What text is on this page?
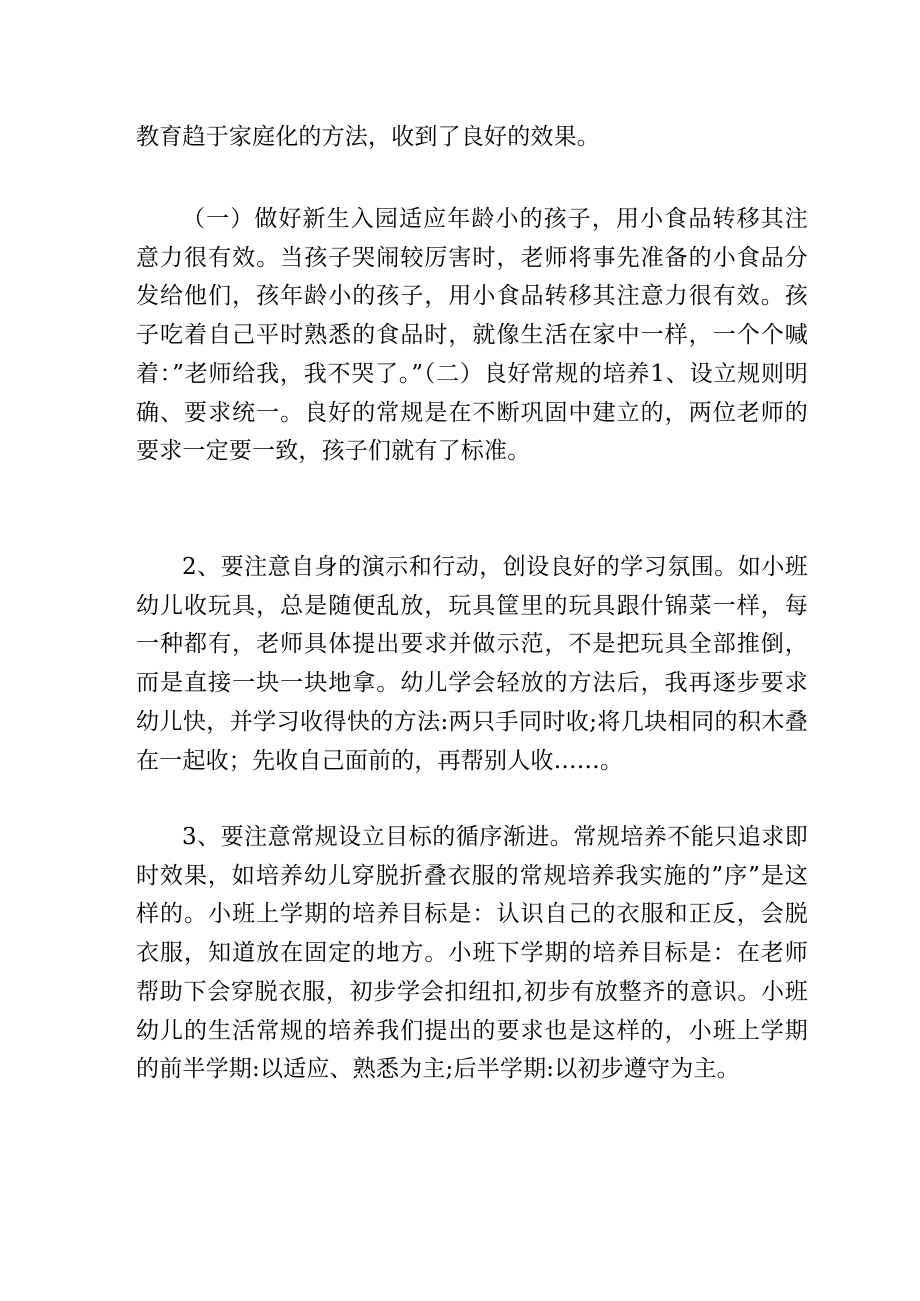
教育趋于家庭化的方法，收到了良好的效果。

（一）做好新生入园适应年龄小的孩子，用小食品转移其注意力很有效。当孩子哭闹较厉害时，老师将事先准备的小食品分发给他们，孩年龄小的孩子，用小食品转移其注意力很有效。孩子吃着自己平时熟悉的食品时，就像生活在家中一样，一个个喊着：”老师给我，我不哭了。”（二）良好常规的培养1、设立规则明确、要求统一。良好的常规是在不断巩固中建立的，两位老师的要求一定要一致，孩子们就有了标准。

2、要注意自身的演示和行动，创设良好的学习氛围。如小班幼儿收玩具，总是随便乱放，玩具筐里的玩具跟什锦菜一样，每一种都有，老师具体提出要求并做示范，不是把玩具全部推倒，而是直接一块一块地拿。幼儿学会轻放的方法后，我再逐步要求幼儿快，并学习收得快的方法:两只手同时收;将几块相同的积木叠在一起收；先收自己面前的，再帮别人收……。

3、要注意常规设立目标的循序渐进。常规培养不能只追求即时效果，如培养幼儿穿脱折叠衣服的常规培养我实施的”序”是这样的。小班上学期的培养目标是：认识自己的衣服和正反，会脱衣服，知道放在固定的地方。小班下学期的培养目标是：在老师帮助下会穿脱衣服，初步学会扣纽扣,初步有放整齐的意识。小班幼儿的生活常规的培养我们提出的要求也是这样的，小班上学期的前半学期:以适应、熟悉为主;后半学期:以初步遵守为主。
